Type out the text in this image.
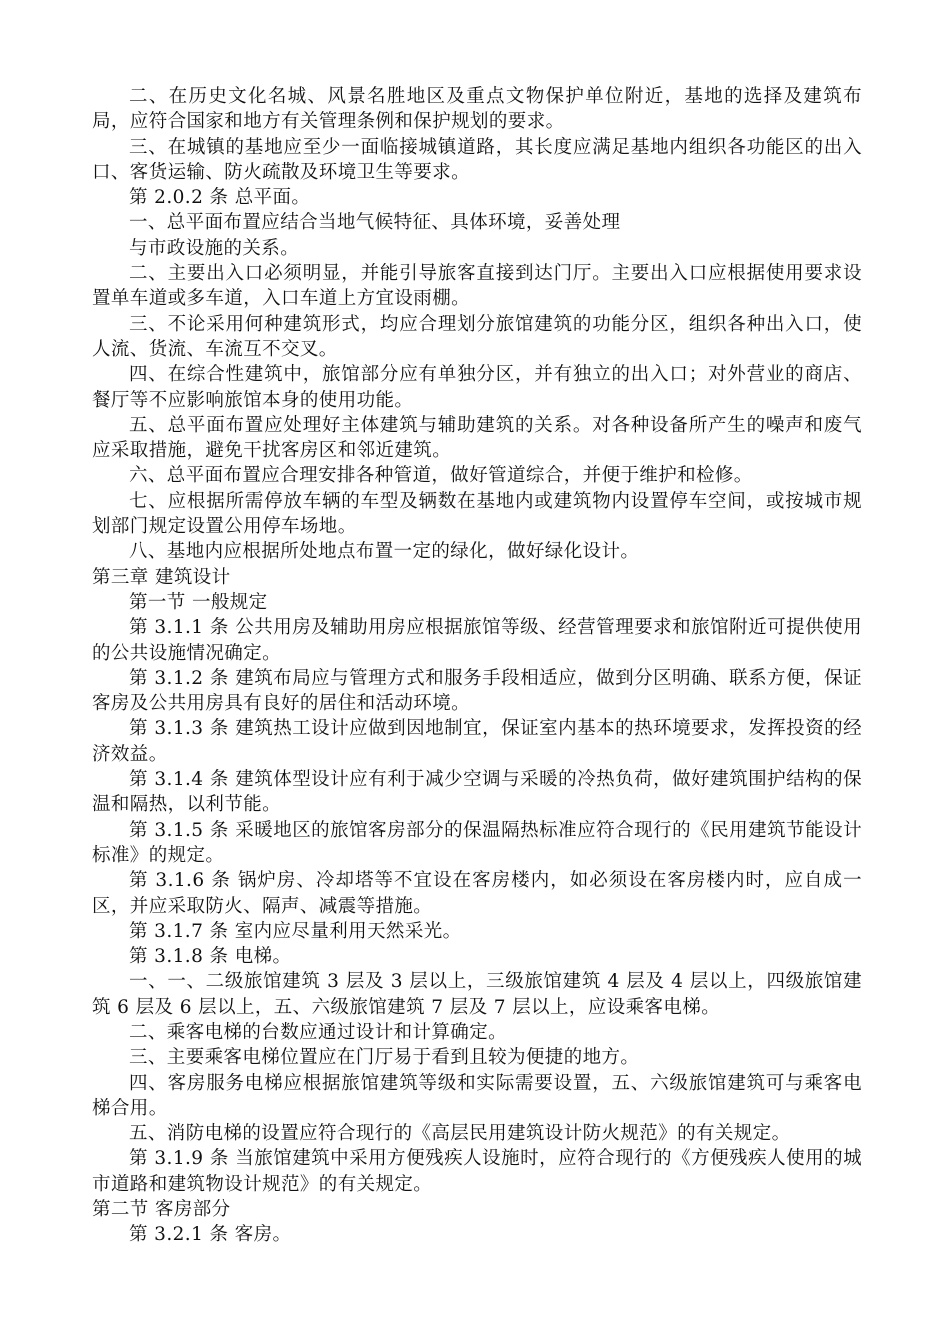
二、在历史文化名城、风景名胜地区及重点文物保护单位附近，基地的选择及建筑布局，应符合国家和地方有关管理条例和保护规划的要求。

三、在城镇的基地应至少一面临接城镇道路，其长度应满足基地内组织各功能区的出入口、客货运输、防火疏散及环境卫生等要求。

第 2.0.2 条 总平面。

一、总平面布置应结合当地气候特征、具体环境，妥善处理

与市政设施的关系。

二、主要出入口必须明显，并能引导旅客直接到达门厅。主要出入口应根据使用要求设置单车道或多车道，入口车道上方宜设雨棚。

三、不论采用何种建筑形式，均应合理划分旅馆建筑的功能分区，组织各种出入口，使人流、货流、车流互不交叉。

四、在综合性建筑中，旅馆部分应有单独分区，并有独立的出入口；对外营业的商店、餐厅等不应影响旅馆本身的使用功能。

五、总平面布置应处理好主体建筑与辅助建筑的关系。对各种设备所产生的噪声和废气应采取措施，避免干扰客房区和邻近建筑。

六、总平面布置应合理安排各种管道，做好管道综合，并便于维护和检修。

七、应根据所需停放车辆的车型及辆数在基地内或建筑物内设置停车空间，或按城市规划部门规定设置公用停车场地。

八、基地内应根据所处地点布置一定的绿化，做好绿化设计。

第三章 建筑设计

第一节 一般规定

第 3.1.1 条 公共用房及辅助用房应根据旅馆等级、经营管理要求和旅馆附近可提供使用的公共设施情况确定。

第 3.1.2 条 建筑布局应与管理方式和服务手段相适应，做到分区明确、联系方便，保证客房及公共用房具有良好的居住和活动环境。

第 3.1.3 条 建筑热工设计应做到因地制宜，保证室内基本的热环境要求，发挥投资的经济效益。

第 3.1.4 条 建筑体型设计应有利于减少空调与采暖的冷热负荷，做好建筑围护结构的保温和隔热，以利节能。

第 3.1.5 条 采暖地区的旅馆客房部分的保温隔热标准应符合现行的《民用建筑节能设计标准》的规定。

第 3.1.6 条 锅炉房、冷却塔等不宜设在客房楼内，如必须设在客房楼内时，应自成一区，并应采取防火、隔声、减震等措施。

第 3.1.7 条 室内应尽量利用天然采光。

第 3.1.8 条 电梯。

一、一、二级旅馆建筑 3 层及 3 层以上，三级旅馆建筑 4 层及 4 层以上，四级旅馆建筑 6 层及 6 层以上，五、六级旅馆建筑 7 层及 7 层以上，应设乘客电梯。

二、乘客电梯的台数应通过设计和计算确定。

三、主要乘客电梯位置应在门厅易于看到且较为便捷的地方。

四、客房服务电梯应根据旅馆建筑等级和实际需要设置，五、六级旅馆建筑可与乘客电梯合用。

五、消防电梯的设置应符合现行的《高层民用建筑设计防火规范》的有关规定。

第 3.1.9 条 当旅馆建筑中采用方便残疾人设施时，应符合现行的《方便残疾人使用的城市道路和建筑物设计规范》的有关规定。

第二节 客房部分

第 3.2.1 条 客房。
